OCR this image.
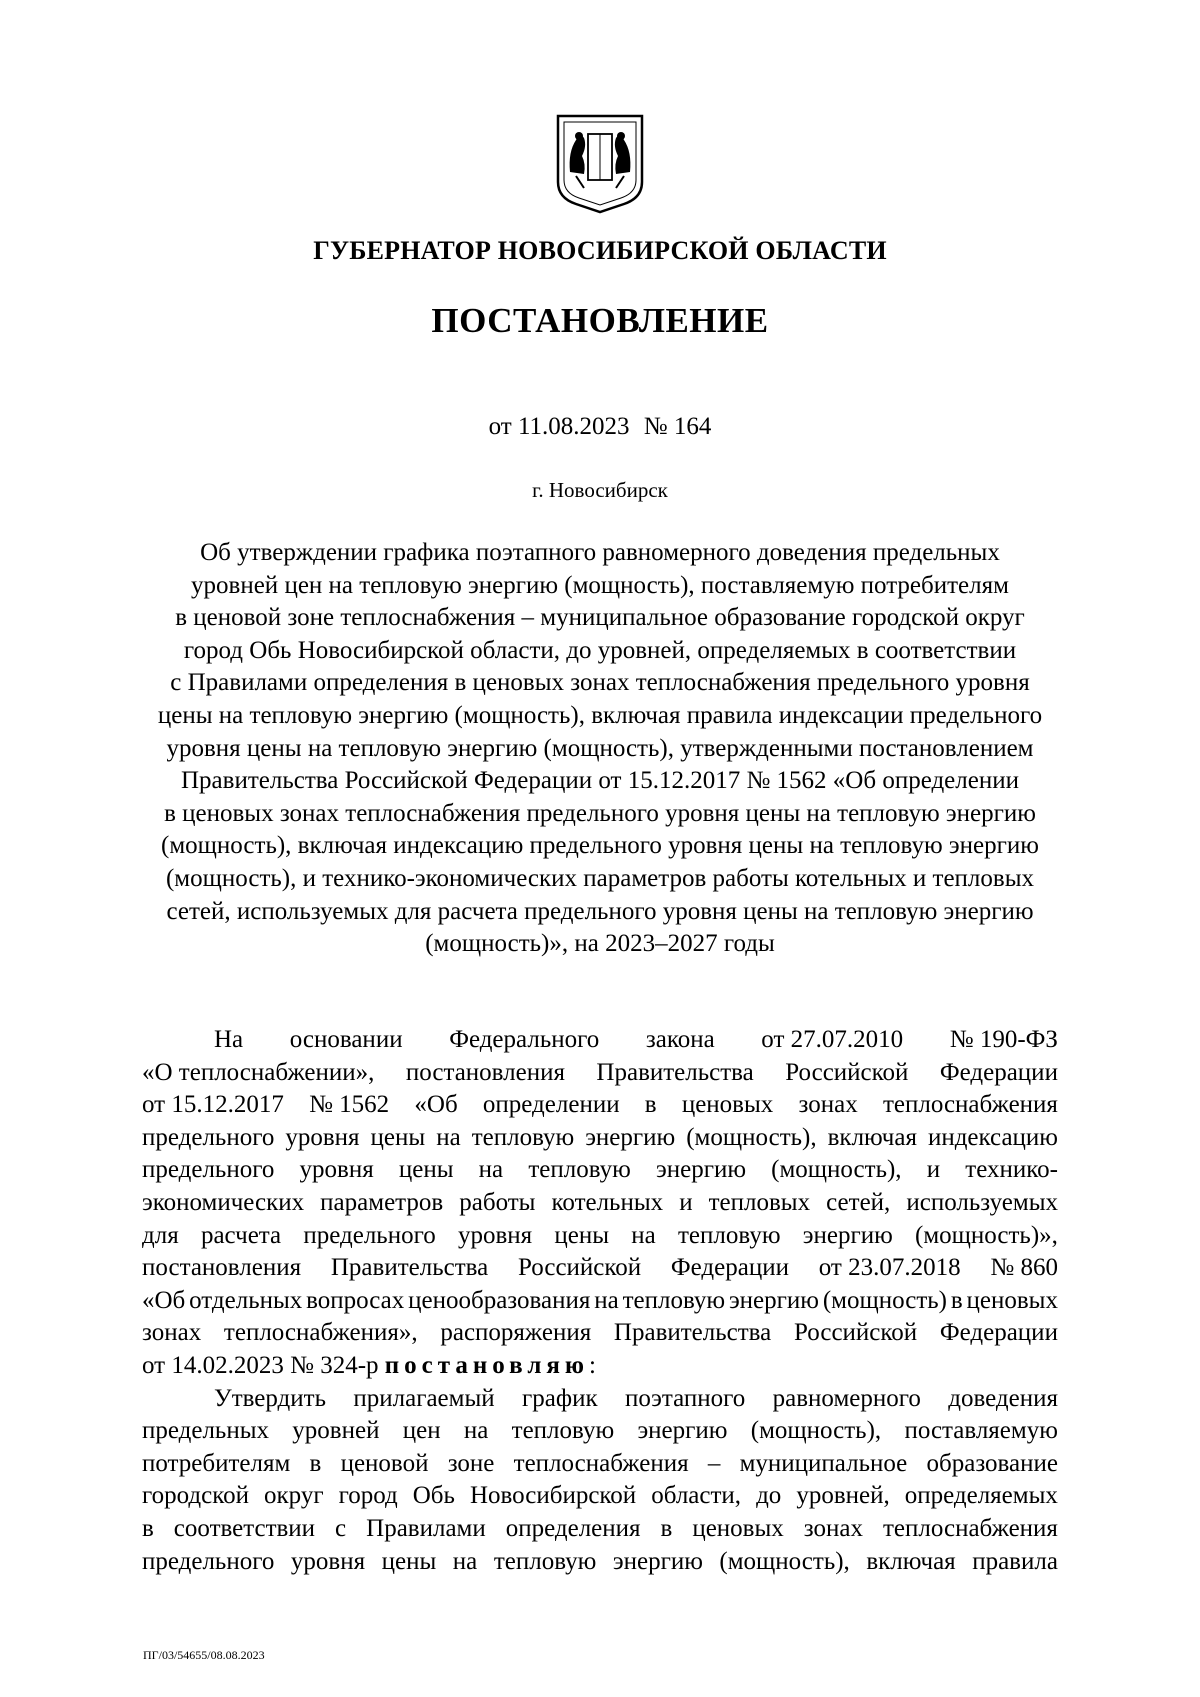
ГУБЕРНАТОР НОВОСИБИРСКОЙ ОБЛАСТИ
ПОСТАНОВЛЕНИЕ
от 11.08.2023 № 164
г. Новосибирск
Об утверждении графика поэтапного равномерного доведения предельных
уровней цен на тепловую энергию (мощность), поставляемую потребителям
в ценовой зоне теплоснабжения – муниципальное образование городской округ
город Обь Новосибирской области, до уровней, определяемых в соответствии
с Правилами определения в ценовых зонах теплоснабжения предельного уровня
цены на тепловую энергию (мощность), включая правила индексации предельного
уровня цены на тепловую энергию (мощность), утвержденными постановлением
Правительства Российской Федерации от 15.12.2017 № 1562 «Об определении
в ценовых зонах теплоснабжения предельного уровня цены на тепловую энергию
(мощность), включая индексацию предельного уровня цены на тепловую энергию
(мощность), и технико-экономических параметров работы котельных и тепловых
сетей, используемых для расчета предельного уровня цены на тепловую энергию
(мощность)», на 2023–2027 годы
На основании Федерального закона от 27.07.2010 № 190-ФЗ
«О теплоснабжении», постановления Правительства Российской Федерации
от 15.12.2017 № 1562 «Об определении в ценовых зонах теплоснабжения
предельного уровня цены на тепловую энергию (мощность), включая индексацию
предельного уровня цены на тепловую энергию (мощность), и технико-
экономических параметров работы котельных и тепловых сетей, используемых
для расчета предельного уровня цены на тепловую энергию (мощность)»,
постановления Правительства Российской Федерации от 23.07.2018 № 860
«Об отдельных вопросах ценообразования на тепловую энергию (мощность) в ценовых
зонах теплоснабжения», распоряжения Правительства Российской Федерации
от 14.02.2023 № 324-р постановляю :
Утвердить прилагаемый график поэтапного равномерного доведения
предельных уровней цен на тепловую энергию (мощность), поставляемую
потребителям в ценовой зоне теплоснабжения – муниципальное образование
городской округ город Обь Новосибирской области, до уровней, определяемых
в соответствии с Правилами определения в ценовых зонах теплоснабжения
предельного уровня цены на тепловую энергию (мощность), включая правила
ПГ/03/54655/08.08.2023
